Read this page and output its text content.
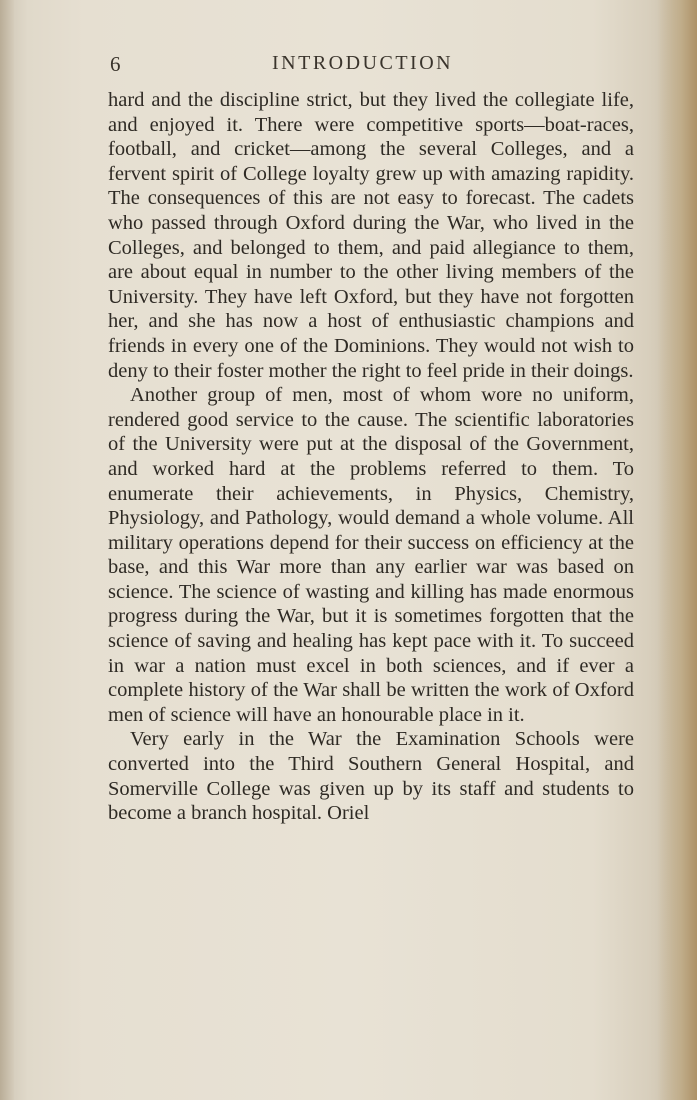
6	INTRODUCTION

hard and the discipline strict, but they lived the collegiate life, and enjoyed it. There were competitive sports—boat-races, football, and cricket—among the several Colleges, and a fervent spirit of College loyalty grew up with amazing rapidity. The consequences of this are not easy to forecast. The cadets who passed through Oxford during the War, who lived in the Colleges, and belonged to them, and paid allegiance to them, are about equal in number to the other living members of the University. They have left Oxford, but they have not forgotten her, and she has now a host of enthusiastic champions and friends in every one of the Dominions. They would not wish to deny to their foster mother the right to feel pride in their doings.

Another group of men, most of whom wore no uniform, rendered good service to the cause. The scientific laboratories of the University were put at the disposal of the Government, and worked hard at the problems referred to them. To enumerate their achievements, in Physics, Chemistry, Physiology, and Pathology, would demand a whole volume. All military operations depend for their success on efficiency at the base, and this War more than any earlier war was based on science. The science of wasting and killing has made enormous progress during the War, but it is sometimes forgotten that the science of saving and healing has kept pace with it. To succeed in war a nation must excel in both sciences, and if ever a complete history of the War shall be written the work of Oxford men of science will have an honourable place in it.

Very early in the War the Examination Schools were converted into the Third Southern General Hospital, and Somerville College was given up by its staff and students to become a branch hospital. Oriel
